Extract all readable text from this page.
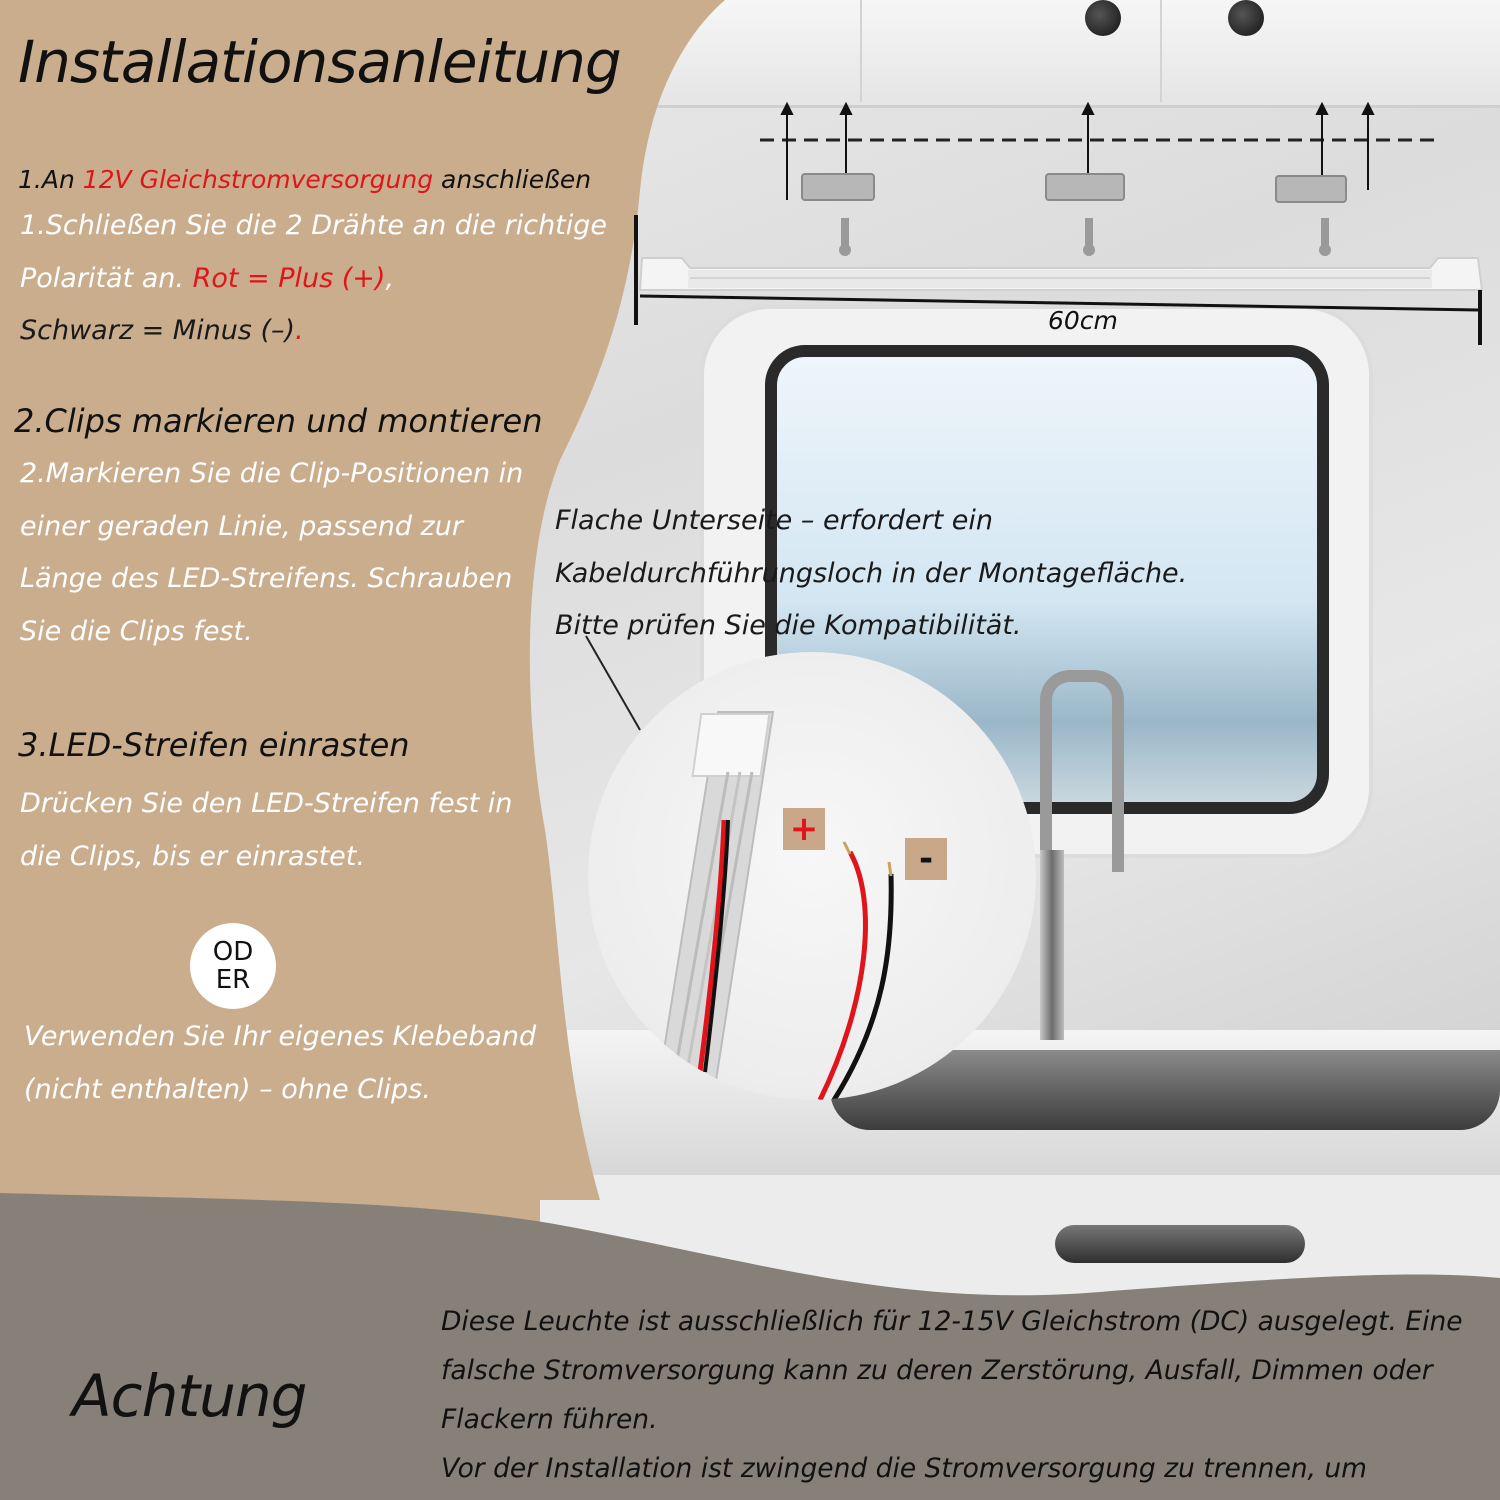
Installationsanleitung

1.An 12V Gleichstromversorgung anschließen

1.Schließen Sie die 2 Drähte an die richtige Polarität an. Rot = Plus (+),
Schwarz = Minus (–).

2.Clips markieren und montieren

2.Markieren Sie die Clip-Positionen in einer geraden Linie, passend zur Länge des LED-Streifens. Schrauben Sie die Clips fest.

3.LED-Streifen einrasten

Drücken Sie den LED-Streifen fest in die Clips, bis er einrastet.

ODER

Verwenden Sie Ihr eigenes Klebeband (nicht enthalten) – ohne Clips.

60cm

Flache Unterseite – erfordert ein Kabeldurchführungsloch in der Montagefläche. Bitte prüfen Sie die Kompatibilität.

+
-
Achtung
Diese Leuchte ist ausschließlich für 12-15V Gleichstrom (DC) ausgelegt. Eine
falsche Stromversorgung kann zu deren Zerstörung, Ausfall, Dimmen oder
Flackern führen.
Vor der Installation ist zwingend die Stromversorgung zu trennen, um
